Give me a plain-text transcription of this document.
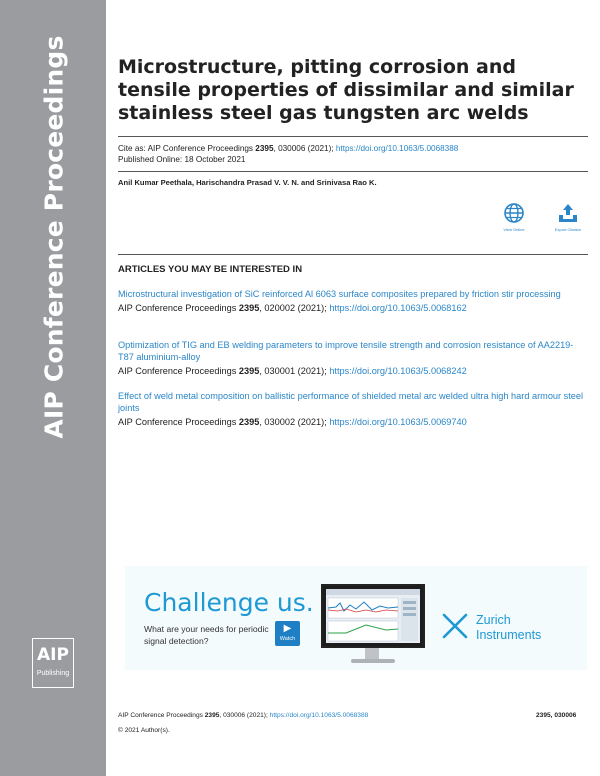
AIP Conference Proceedings
AIP
Publishing
Microstructure, pitting corrosion and tensile properties of dissimilar and similar stainless steel gas tungsten arc welds
Cite as: AIP Conference Proceedings 2395, 030006 (2021); https://doi.org/10.1063/5.0068388
Published Online: 18 October 2021
Anil Kumar Peethala, Harischandra Prasad V. V. N. and Srinivasa Rao K.
View Online	Export Citation
ARTICLES YOU MAY BE INTERESTED IN
Microstructural investigation of SiC reinforced Al 6063 surface composites prepared by friction stir processing
AIP Conference Proceedings 2395, 020002 (2021); https://doi.org/10.1063/5.0068162
Optimization of TIG and EB welding parameters to improve tensile strength and corrosion resistance of AA2219-T87 aluminium-alloy
AIP Conference Proceedings 2395, 030001 (2021); https://doi.org/10.1063/5.0068242
Effect of weld metal composition on ballistic performance of shielded metal arc welded ultra high hard armour steel joints
AIP Conference Proceedings 2395, 030002 (2021); https://doi.org/10.1063/5.0069740
Challenge us.
What are your needs for periodic signal detection?
▶
Watch
Zurich
Instruments
AIP Conference Proceedings 2395, 030006 (2021); https://doi.org/10.1063/5.0068388	2395, 030006
© 2021 Author(s).
